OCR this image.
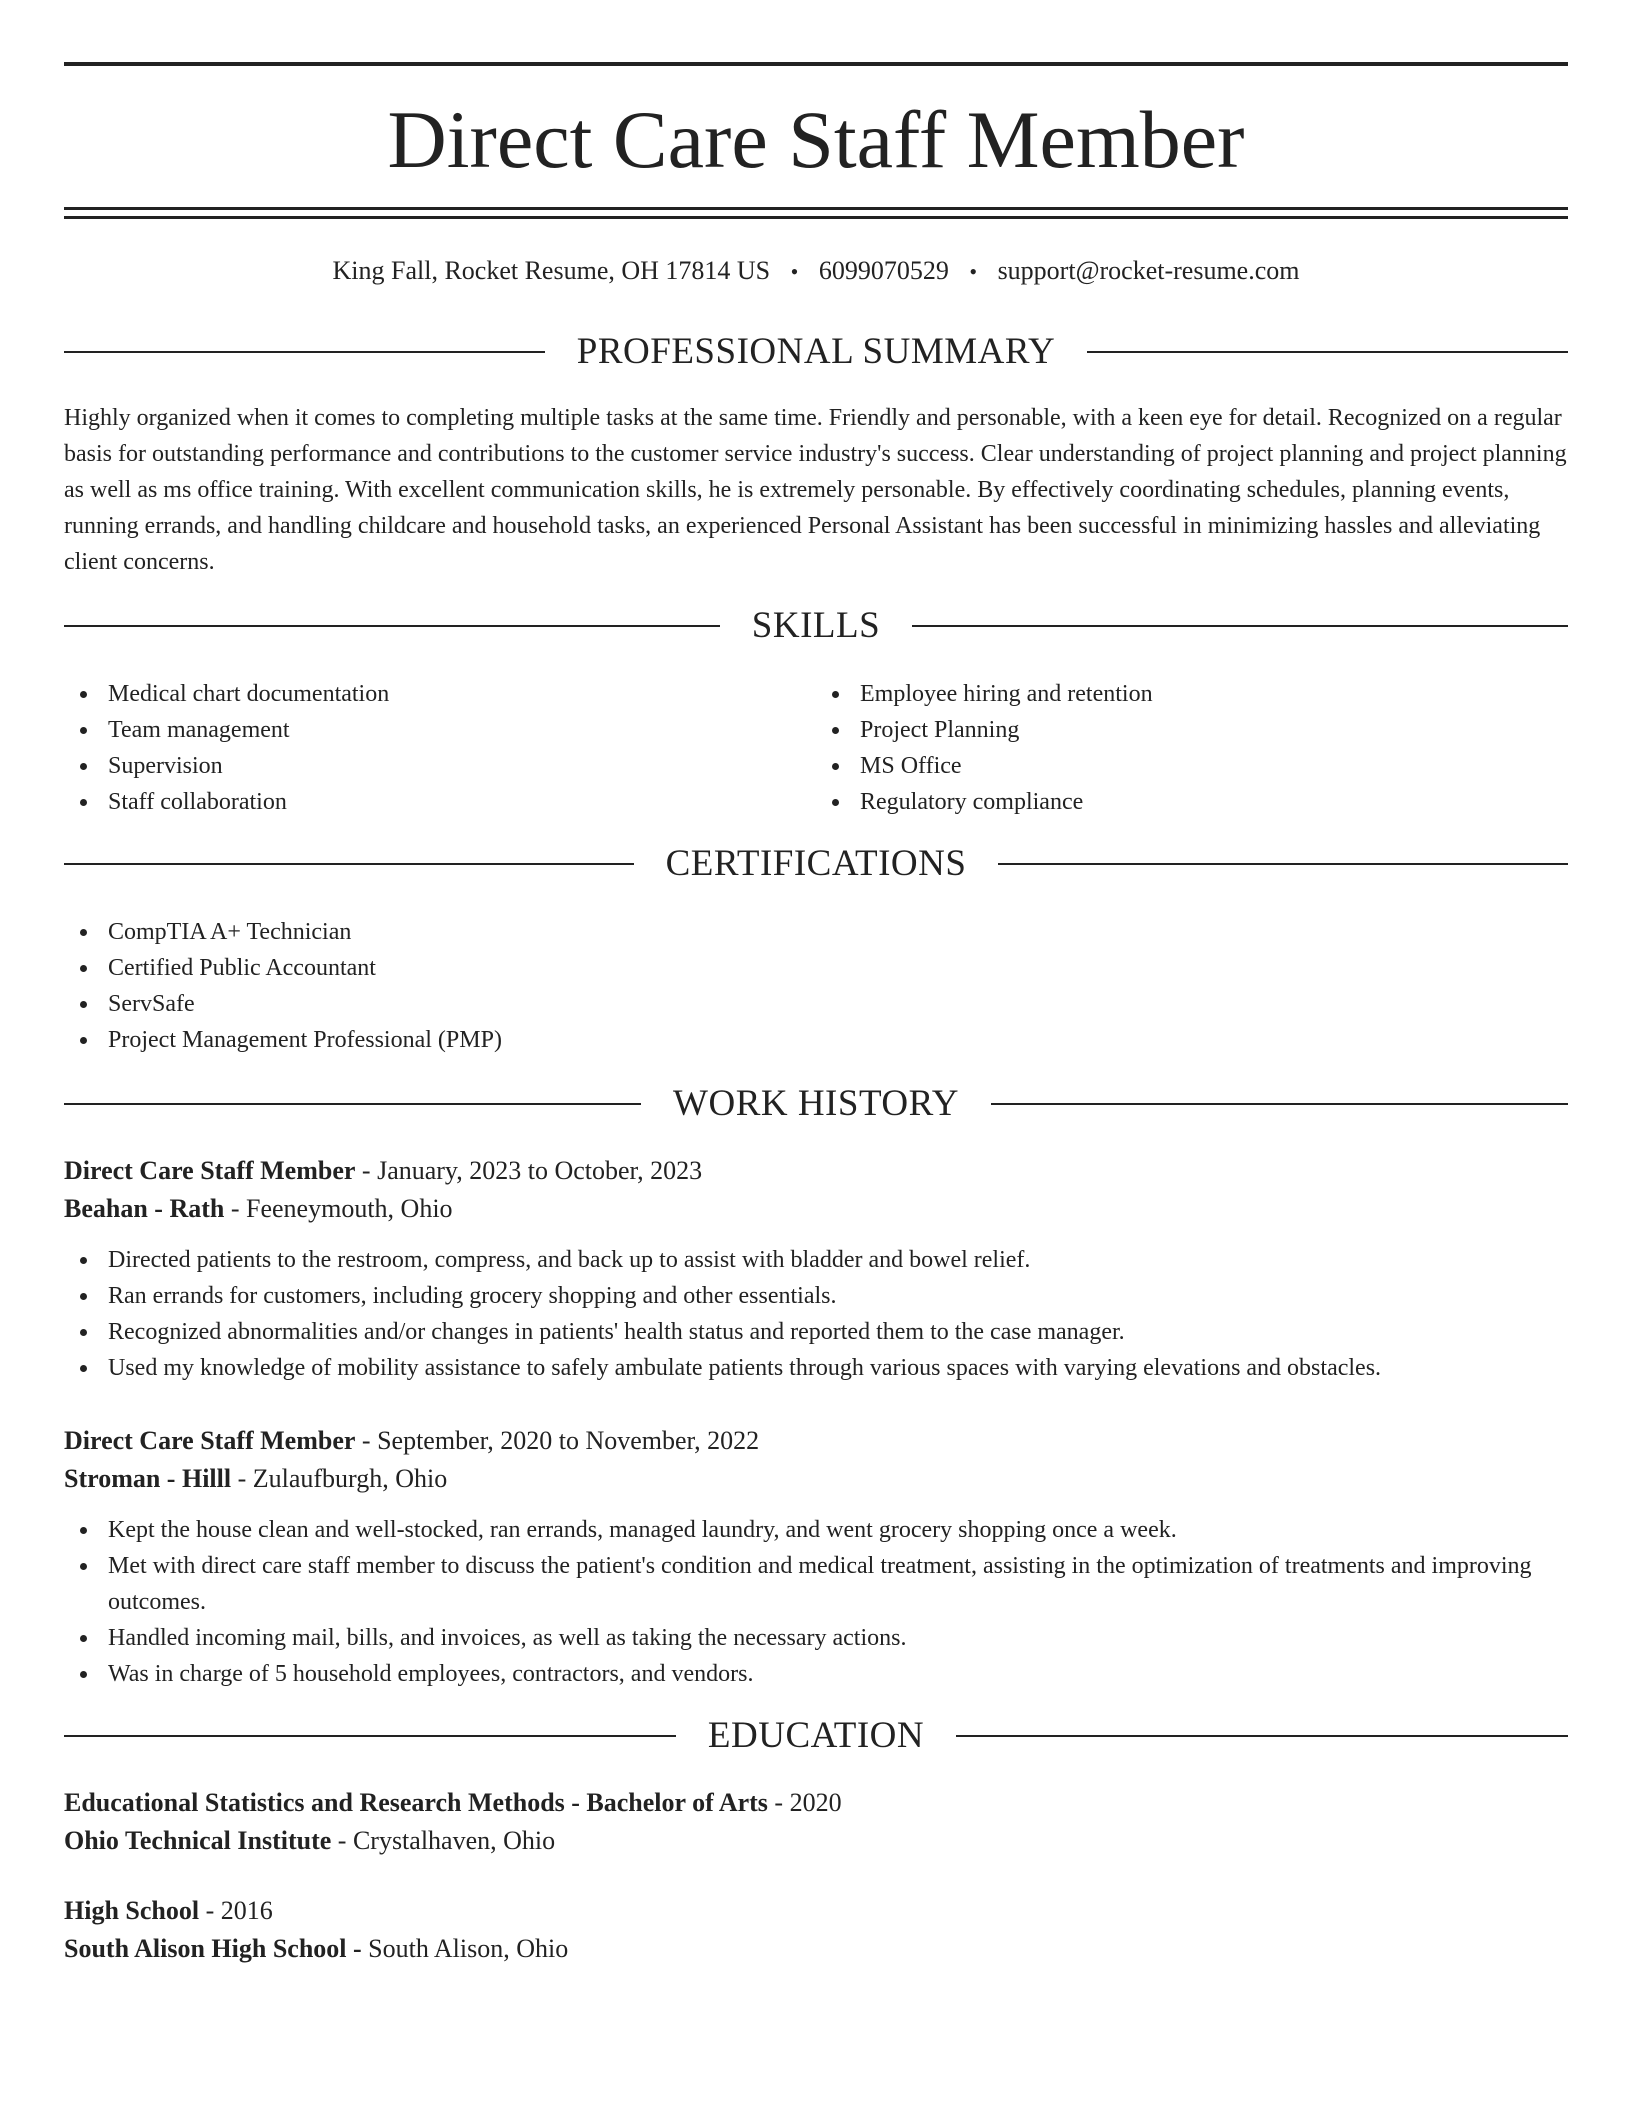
Direct Care Staff Member
King Fall, Rocket Resume, OH 17814 US • 6099070529 • support@rocket-resume.com
PROFESSIONAL SUMMARY

Highly organized when it comes to completing multiple tasks at the same time. Friendly and personable, with a keen eye for detail. Recognized on a regular basis for outstanding performance and contributions to the customer service industry's success. Clear understanding of project planning and project planning as well as ms office training. With excellent communication skills, he is extremely personable. By effectively coordinating schedules, planning events, running errands, and handling childcare and household tasks, an experienced Personal Assistant has been successful in minimizing hassles and alleviating client concerns.

SKILLS
Medical chart documentation
Team management
Supervision
Staff collaboration
Employee hiring and retention
Project Planning
MS Office
Regulatory compliance
CERTIFICATIONS
CompTIA A+ Technician
Certified Public Accountant
ServSafe
Project Management Professional (PMP)
WORK HISTORY
Direct Care Staff Member - January, 2023 to October, 2023
Beahan - Rath - Feeneymouth, Ohio
Directed patients to the restroom, compress, and back up to assist with bladder and bowel relief.
Ran errands for customers, including grocery shopping and other essentials.
Recognized abnormalities and/or changes in patients' health status and reported them to the case manager.
Used my knowledge of mobility assistance to safely ambulate patients through various spaces with varying elevations and obstacles.
Direct Care Staff Member - September, 2020 to November, 2022
Stroman - Hilll - Zulaufburgh, Ohio
Kept the house clean and well-stocked, ran errands, managed laundry, and went grocery shopping once a week.
Met with direct care staff member to discuss the patient's condition and medical treatment, assisting in the optimization of treatments and improving outcomes.
Handled incoming mail, bills, and invoices, as well as taking the necessary actions.
Was in charge of 5 household employees, contractors, and vendors.
EDUCATION
Educational Statistics and Research Methods - Bachelor of Arts - 2020
Ohio Technical Institute - Crystalhaven, Ohio
High School - 2016
South Alison High School - South Alison, Ohio
